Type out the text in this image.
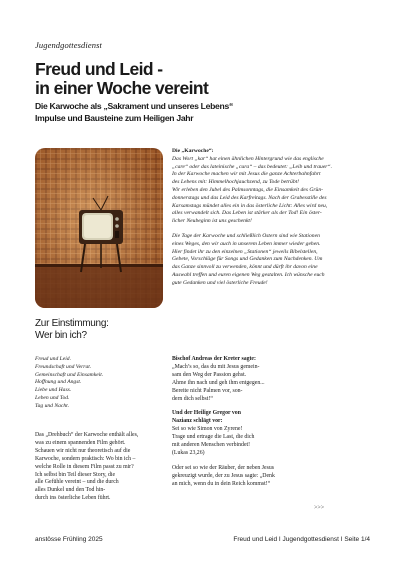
Jugendgottesdienst
Freud und Leid -
in einer Woche vereint
Die Karwoche als „Sakrament und unseres Lebens“
Impulse und Bausteine zum Heiligen Jahr

Die „Karwoche“:
Das Wort „kar“ hat einen ähnlichen Hintergrund wie das englische
„care“ oder das lateinische „cura“ – das bedeutet: „Leib und trauer“.
In der Karwoche machen wir mit Jesus die ganze Achterbahnfahrt
des Lebens mit: Himmelhochjauchzend, zu Tode betrübt!
Wir erleben den Jubel des Palmsonntags, die Einsamkeit des Grün-
donnerstags und das Leid des Karfreitags. Nach der Grabesstille des
Karsamstags mündet alles ein in das österliche Licht: Alles wird neu,
alles verwandelt sich. Das Leben ist stärker als der Tod! Ein öster-
licher Neubeginn ist uns geschenkt!

Die Tage der Karwoche und schließlich Ostern sind wie Stationen
eines Weges, den wir auch in unserem Leben immer wieder gehen.
Hier findet ihr zu den einzelnen „Stationen“ jeweils Bibelstellen,
Gebete, Vorschläge für Songs und Gedanken zum Nachdenken. Um
das Ganze sinnvoll zu verwenden, könnt und dürft ihr davon eine
Auswahl treffen und euren eigenen Weg gestalten. Ich wünsche euch
gute Gedanken und viel österliche Freude!

Zur Einstimmung:
Wer bin ich?
Freud und Leid.
Freundschaft und Verrat.
Gemeinschaft und Einsamkeit.
Hoffnung und Angst.
Liebe und Hass.
Leben und Tod.
Tag und Nacht.
Das „Drehbuch“ der Karwoche enthält alles,
was zu einem spannenden Film gehört.
Schauen wir nicht nur theoretisch auf die
Karwoche, sondern praktisch: Wo bin ich –
welche Rolle in diesem Film passt zu mir?
Ich selbst bin Teil dieser Story, die
alle Gefühle vereint – und die durch
alles Dunkel und den Tod hin-
durch ins österliche Leben führt.
Bischof Andreas der Kreter sagte:
„Mach’s so, das du mit Jesus gemein-
sam den Weg der Passion gehst.
Ahme ihn nach und geh ihm entgegen...
Bereite nicht Palmen vor, son-
dern dich selbst!“
Und der Heilige Gregor von
Nazianz schlägt vor:
Sei so wie Simon von Zyrene!
Trage und ertrage die Last, die dich
mit anderen Menschen verbindet!
(Lukas 23,26)
Oder sei so wie der Räuber, der neben Jesus
gekreuzigt wurde, der zu Jesus sagte: „Denk
an mich, wenn du in dein Reich kommst!“
>>>
anstösse Frühling 2025	Freud und Leid I Jugendgottesdienst I Seite 1/4
